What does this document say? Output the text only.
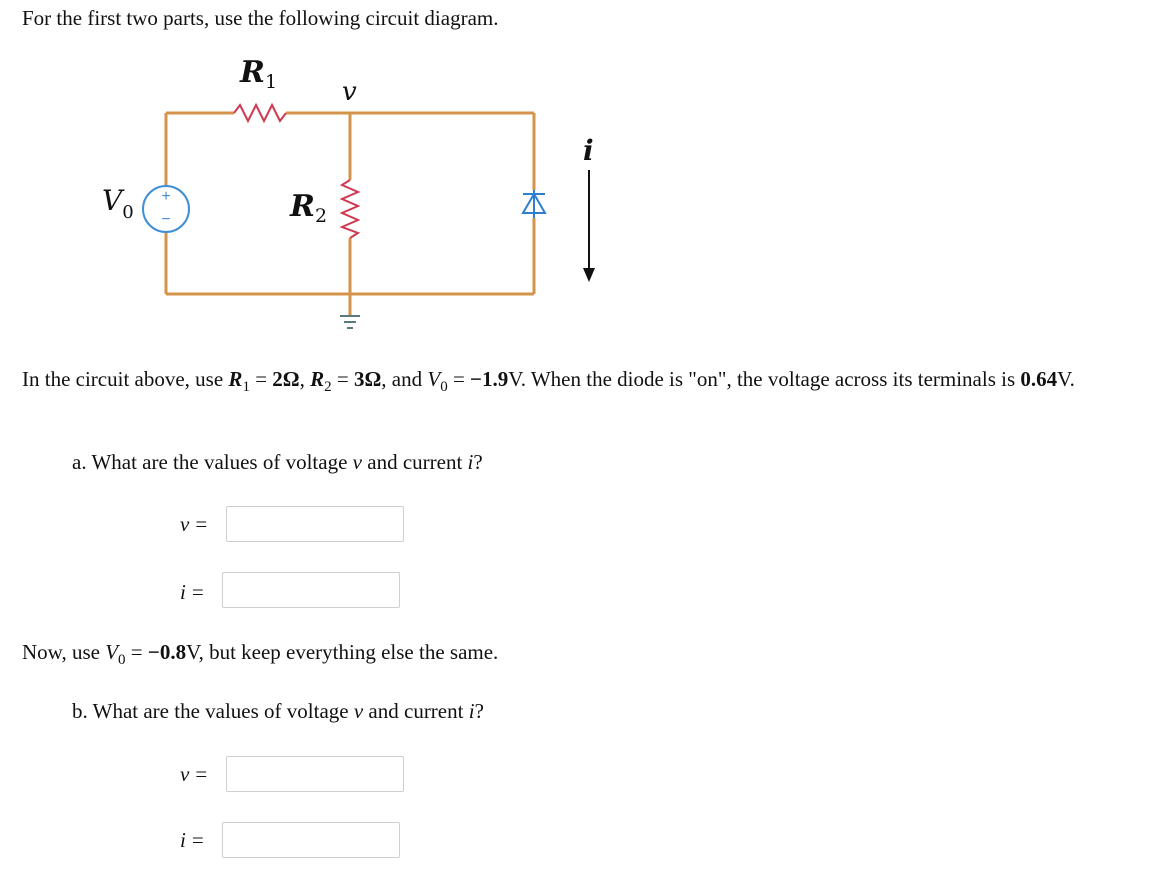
For the first two parts, use the following circuit diagram.
+
−
$R_1$ v
$V_0$	$R_2$
i
In the circuit above, use $R_1 = 2\Omega$, $R_2 = 3\Omega$, and $V_0 = -1.9V$. When the diode is "on", the voltage across its terminals is 0.64V.
a. What are the values of voltage v and current i?
v =
i =
Now, use $V_0 = -0.8V$, but keep everything else the same.
b. What are the values of voltage v and current i?
v =
i =
